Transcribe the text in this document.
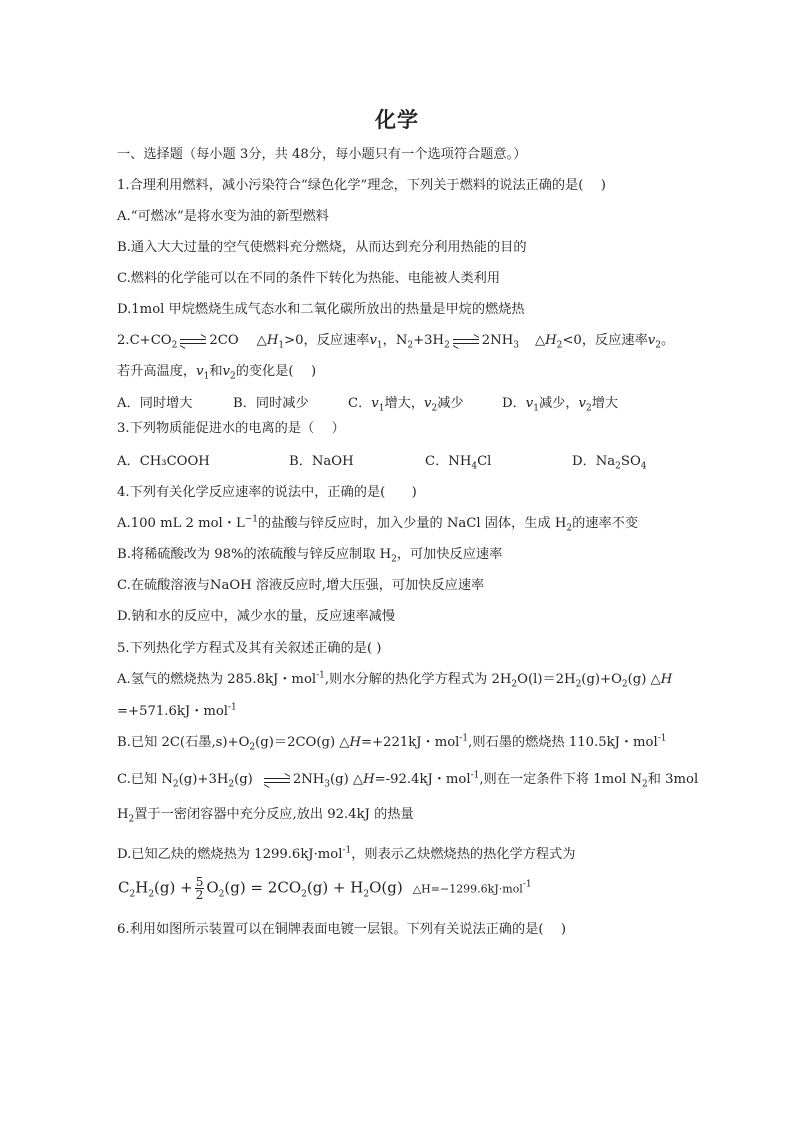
化学
一、选择题（每小题 3分，共 48分，每小题只有一个选项符合题意。）
1.合理利用燃料，减小污染符合“绿色化学”理念，下列关于燃料的说法正确的是(　 )
A.“可燃冰”是将水变为油的新型燃料
B.通入大大过量的空气使燃料充分燃烧，从而达到充分利用热能的目的
C.燃料的化学能可以在不同的条件下转化为热能、电能被人类利用
D.1mol 甲烷燃烧生成气态水和二氧化碳所放出的热量是甲烷的燃烧热
$2.C+CO_2$ 2CO $\triangle H_1>0$，反应速率$v_1$，$N_2+3H_2$ $2NH_3$ $\triangle H_2<0$，反应速率$v_2$。
若升高温度，$v_1$和$v_2$的变化是(　 )
A．同时增大	B．同时减少	C．$v_1$增大，$v_2$减少	D．$v_1$减少，$v_2$增大
3.下列物质能促进水的电离的是（　 ）
A．CH₃COOH	B．NaOH	C．$NH_4Cl$	D．$Na_2SO_4$
4.下列有关化学反应速率的说法中，正确的是(　　)
A.100 mL 2 mol・$L^{-1}$的盐酸与锌反应时，加入少量的 NaCl 固体，生成 $H_2$的速率不变
B.将稀硫酸改为 98%的浓硫酸与锌反应制取 $H_2$，可加快反应速率
C.在硫酸溶液与NaOH 溶液反应时,增大压强，可加快反应速率
D.钠和水的反应中，减少水的量，反应速率减慢
5.下列热化学方程式及其有关叙述正确的是( )
A.氢气的燃烧热为 285.8kJ・mol$^{-1}$,则水分解的热化学方程式为 $2H_2O(l)=2H_2(g)+O_2(g)$ △H
=+571.6kJ・mol$^{-1}$
B.已知 2C(石墨$,s)+O_2(g)=2CO(g)$ △H=+221kJ・mol$^{-1}$,则石墨的燃烧热 110.5kJ・mol$^{-1}$
C.已知 $N_2(g)+3H_2(g)$	$2NH_3(g)$ △H=-92.4kJ・mol$^{-1}$,则在一定条件下将 1mol $N_2$和 3mol
$H_2$置于一密闭容器中充分反应,放出 92.4kJ 的热量
D.已知乙炔的燃烧热为 1299.6kJ·mol$^{-1}$，则表示乙炔燃烧热的热化学方程式为
$C_2H_2(g) + \frac{5}{2} O_2(g) = 2CO_2(g) + H_2O(g)$ △H=−1299.6kJ·mol$^{-1}$
6.利用如图所示装置可以在铜牌表面电镀一层银。下列有关说法正确的是(　 )
